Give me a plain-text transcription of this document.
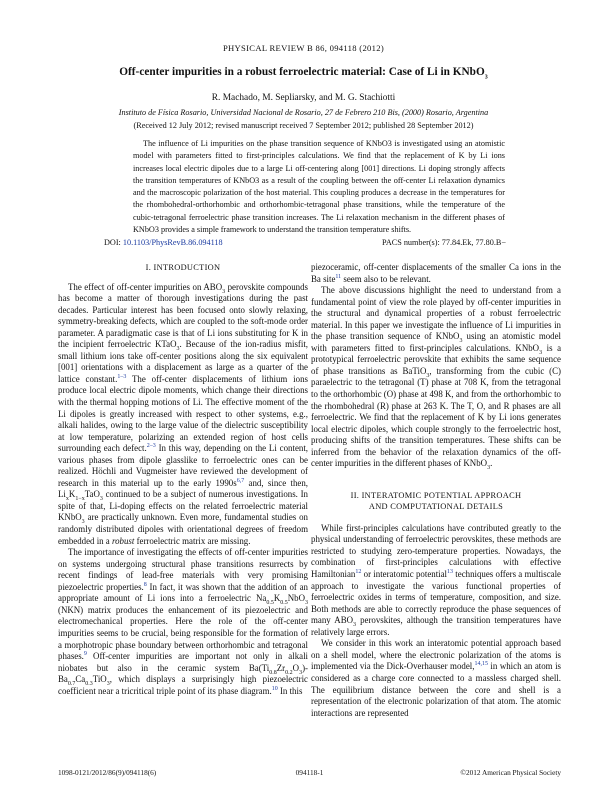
PHYSICAL REVIEW B 86, 094118 (2012)
Off-center impurities in a robust ferroelectric material: Case of Li in KNbO$_3$
R. Machado, M. Sepliarsky, and M. G. Stachiotti
Instituto de Física Rosario, Universidad Nacional de Rosario, 27 de Febrero 210 Bis, (2000) Rosario, Argentina
(Received 12 July 2012; revised manuscript received 7 September 2012; published 28 September 2012)

The influence of Li impurities on the phase transition sequence of KNbO3 is investigated using an atomistic model with parameters fitted to first-principles calculations. We find that the replacement of K by Li ions increases local electric dipoles due to a large Li off-centering along [001] directions. Li doping strongly affects the transition temperatures of KNbO3 as a result of the coupling between the off-center Li relaxation dynamics and the macroscopic polarization of the host material. This coupling produces a decrease in the temperatures for the rhombohedral-orthorhombic and orthorhombic-tetragonal phase transitions, while the temperature of the cubic-tetragonal ferroelectric phase transition increases. The Li relaxation mechanism in the different phases of KNbO3 provides a simple framework to understand the transition temperature shifts.

DOI: 10.1103/PhysRevB.86.094118	PACS number(s): 77.84.Ek, 77.80.B−
I. INTRODUCTION

The effect of off-center impurities on $ABO_3$ perovskite compounds has become a matter of thorough investigations during the past decades. Particular interest has been focused onto slowly relaxing, symmetry-breaking defects, which are coupled to the soft-mode order parameter. A paradigmatic case is that of Li ions substituting for K in the incipient ferroelectric KTaO$_3$. Because of the ion-radius misfit, small lithium ions take off-center positions along the six equivalent [001] orientations with a displacement as large as a quarter of the lattice constant.$^{1-3}$ The off-center displacements of lithium ions produce local electric dipole moments, which change their directions with the thermal hopping motions of Li. The effective moment of the Li dipoles is greatly increased with respect to other systems, e.g., alkali halides, owing to the large value of the dielectric susceptibility at low temperature, polarizing an extended region of host cells surrounding each defect.$^{2-3}$ In this way, depending on the Li content, various phases from dipole glasslike to ferroelectric ones can be realized. Höchli and Vugmeister have reviewed the development of research in this material up to the early 1990s$^{6,7}$ and, since then, $Li_xK_{1-x}TaO_3$ continued to be a subject of numerous investigations. In spite of that, Li-doping effects on the related ferroelectric material KNbO$_3$ are practically unknown. Even more, fundamental studies on randomly distributed dipoles with orientational degrees of freedom embedded in a robust ferroelectric matrix are missing.

The importance of investigating the effects of off-center impurities on systems undergoing structural phase transitions resurrects by recent findings of lead-free materials with very promising piezoelectric properties.$^8$ In fact, it was shown that the addition of an appropriate amount of Li ions into a ferroelectric $Na_{0.5}K_{0.5}NbO_3$ (NKN) matrix produces the enhancement of its piezoelectric and electromechanical properties. Here the role of the off-center impurities seems to be crucial, being responsible for the formation of a morphotropic phase boundary between orthorhombic and tetragonal phases.$^9$ Off-center impurities are important not only in alkali niobates but also in the ceramic system $Ba(Ti_{0.8}Zr_{0.2}O_3)-Ba_{0.7}Ca_{0.3}TiO_3$, which displays a surprisingly high piezoelectric coefficient near a tricritical triple point of its phase diagram.$^{10}$ In this

piezoceramic, off-center displacements of the smaller Ca ions in the Ba site$^{11}$ seem also to be relevant.

The above discussions highlight the need to understand from a fundamental point of view the role played by off-center impurities in the structural and dynamical properties of a robust ferroelectric material. In this paper we investigate the influence of Li impurities in the phase transition sequence of KNbO$_3$ using an atomistic model with parameters fitted to first-principles calculations. KNbO$_3$ is a prototypical ferroelectric perovskite that exhibits the same sequence of phase transitions as BaTiO$_3$, transforming from the cubic (C) paraelectric to the tetragonal (T) phase at 708 K, from the tetragonal to the orthorhombic (O) phase at 498 K, and from the orthorhombic to the rhombohedral (R) phase at 263 K. The T, O, and R phases are all ferroelectric. We find that the replacement of K by Li ions generates local electric dipoles, which couple strongly to the ferroelectric host, producing shifts of the transition temperatures. These shifts can be inferred from the behavior of the relaxation dynamics of the off-center impurities in the different phases of KNbO$_3$.

II. INTERATOMIC POTENTIAL APPROACH
AND COMPUTATIONAL DETAILS

While first-principles calculations have contributed greatly to the physical understanding of ferroelectric perovskites, these methods are restricted to studying zero-temperature properties. Nowadays, the combination of first-principles calculations with effective Hamiltonian$^{12}$ or interatomic potential$^{13}$ techniques offers a multiscale approach to investigate the various functional properties of ferroelectric oxides in terms of temperature, composition, and size. Both methods are able to correctly reproduce the phase sequences of many $ABO_3$ perovskites, although the transition temperatures have relatively large errors.

We consider in this work an interatomic potential approach based on a shell model, where the electronic polarization of the atoms is implemented via the Dick-Overhauser model,$^{14,15}$ in which an atom is considered as a charge core connected to a massless charged shell. The equilibrium distance between the core and shell is a representation of the electronic polarization of that atom. The atomic interactions are represented

1098-0121/2012/86(9)/094118(6)	094118-1	©2012 American Physical Society
